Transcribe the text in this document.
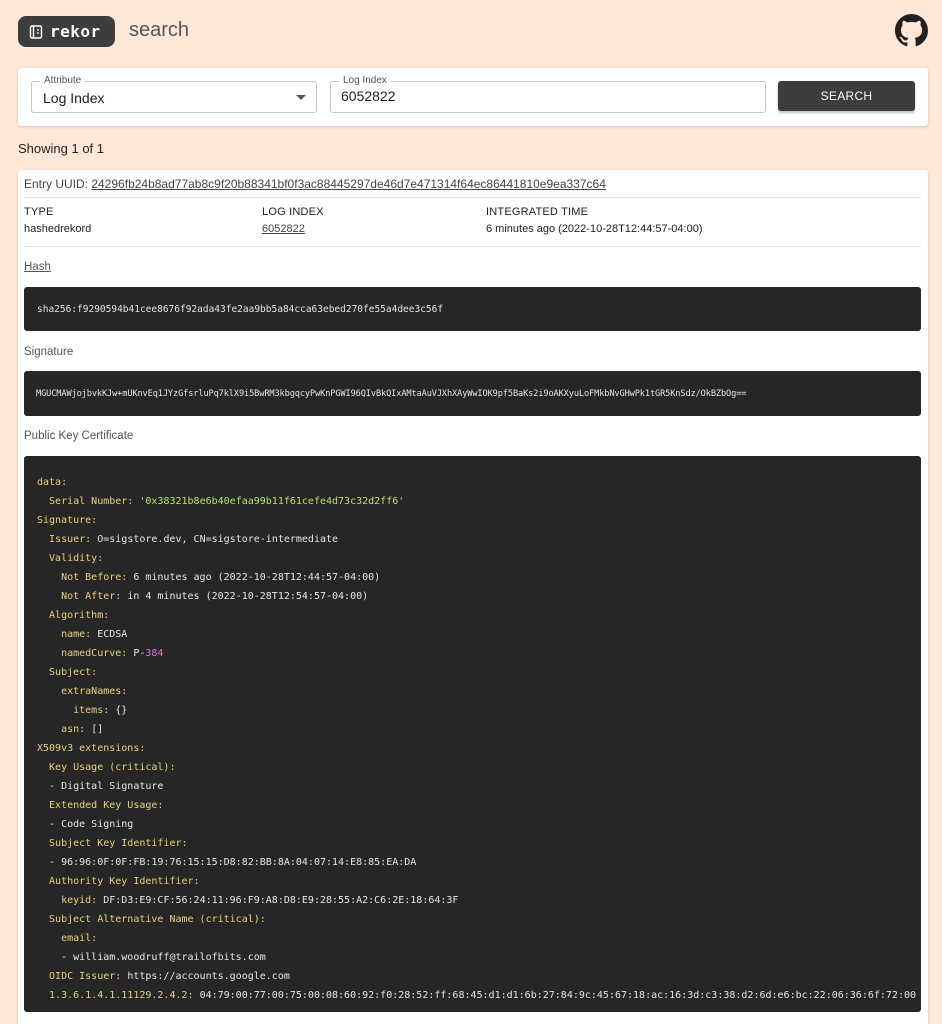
rekor search
Attribute
Log Index
Log Index
6052822
SEARCH
Showing 1 of 1
Entry UUID: 24296fb24b8ad77ab8c9f20b88341bf0f3ac88445297de46d7e471314f64ec86441810e9ea337c64
TYPE
hashedrekord
LOG INDEX
6052822
INTEGRATED TIME
6 minutes ago (2022-10-28T12:44:57-04:00)
Hash
sha256:f9290594b41cee8676f92ada43fe2aa9bb5a84cca63ebed270fe55a4dee3c56f
Signature
MGUCMAWjojbvkKJw+mUKnvEq1JYzGfsrluPq7klX9i5BwRM3kbgqcyPwKnPGWI96QIvBkQIxAMtaAuVJXhXAyWwIOK9pf5BaKs2i9oAKXyuLoFMkbNvGHwPk1tGR5KnSdz/OkBZbOg==
Public Key Certificate
data:
Serial Number: '0x38321b8e6b40efaa99b11f61cefe4d73c32d2ff6'
Signature:
Issuer: O=sigstore.dev, CN=sigstore-intermediate
Validity:
Not Before: 6 minutes ago (2022-10-28T12:44:57-04:00)
Not After: in 4 minutes (2022-10-28T12:54:57-04:00)
Algorithm:
name: ECDSA
namedCurve: P-384
Subject:
extraNames:
items: {}
asn: []
X509v3 extensions:
Key Usage (critical):
- Digital Signature
Extended Key Usage:
- Code Signing
Subject Key Identifier:
- 96:96:0F:0F:FB:19:76:15:15:D8:82:BB:8A:04:07:14:E8:85:EA:DA
Authority Key Identifier:
keyid: DF:D3:E9:CF:56:24:11:96:F9:A8:D8:E9:28:55:A2:C6:2E:18:64:3F
Subject Alternative Name (critical):
email:
- william.woodruff@trailofbits.com
OIDC Issuer: https://accounts.google.com
1.3.6.1.4.1.11129.2.4.2: 04:79:00:77:00:75:00:08:60:92:f0:28:52:ff:68:45:d1:d1:6b:27:84:9c:45:67:18:ac:16:3d:c3:38:d2:6d:e6:bc:22:06:36:6f:72:00
